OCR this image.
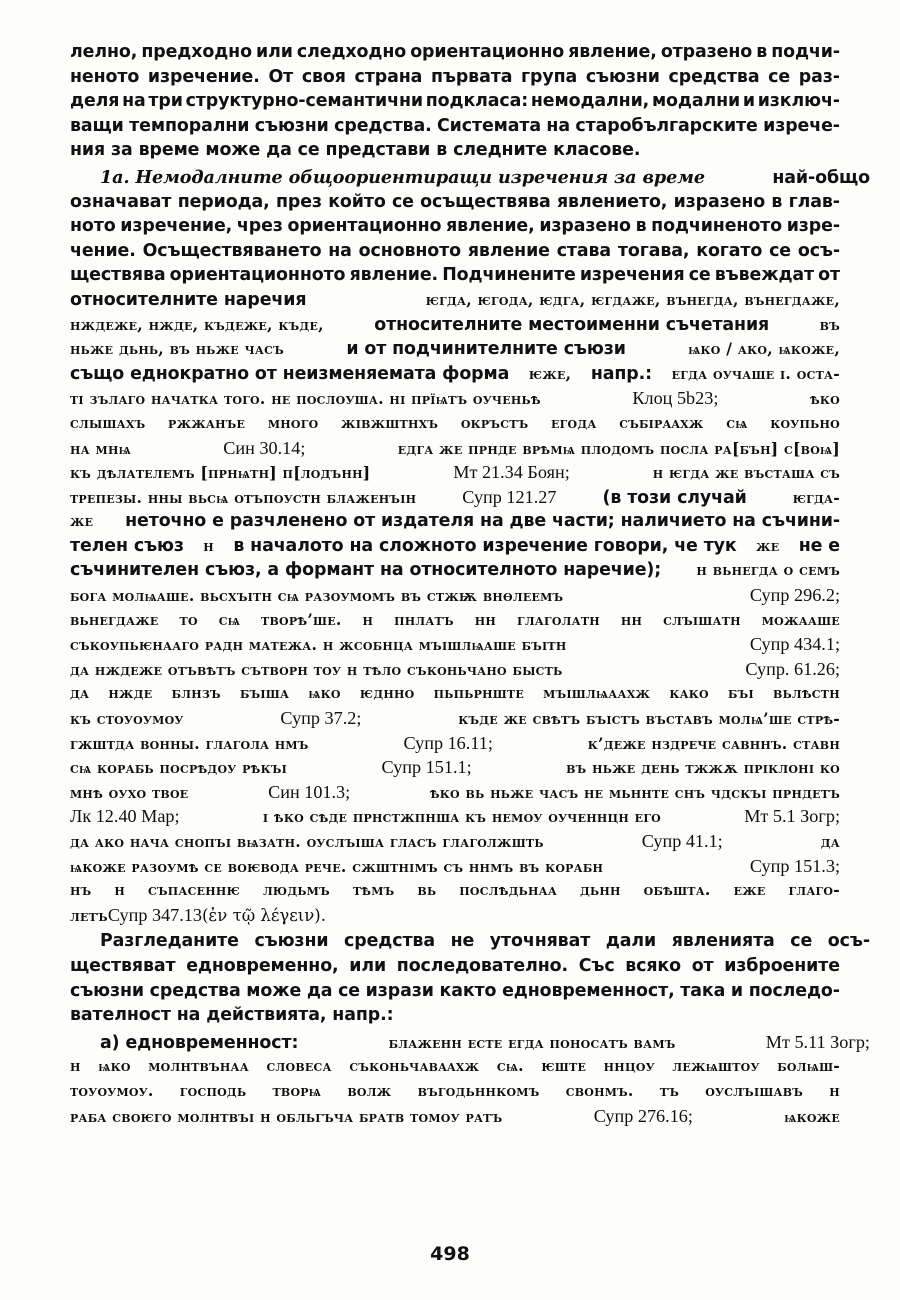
лелно, предходно или следходно ориентационно явление, отразено в подчи-
неното изречение. От своя страна първата група съюзни средства се раз-
деля на три структурно-семантични подкласа: немодални, модални и изключ-
ващи темпорални съюзни средства. Системата на старобългарските изрече-
ния за време може да се представи в следните класове.
1а. Немодалните общоориентиращи изречения за време	най-общо
означават периода, през който се осъществява явлението, изразено в глав-
ното изречение, чрез ориентационно явление, изразено в подчиненото изре-
чение. Осъществяването на основното явление става тогава, когато се осъ-
ществява ориентационното явление. Подчинените изречения се въвеждат от
относителните наречия	ѥгда, ѥгода, ѥдга, ѥгдаже, вънегда, вънегдаже,
нждеже, нжде, къдеже, къде,	относителните местоименни съчетания	въ
ньже дьнь, въ ньже часъ	и от подчинителните съюзи	ѩко / ако, ѩкоже,
също еднократно от неизменяемата форма ѥже, напр.: егда оучаше і. оста-
ті зълаго начатка того. не послоуша. ні прїѩтъ оученьѣ	Клоц 5b23;	ѣко
слышахъ ржжанъе много жівжштнхъ окръстъ егода събірaaхж сѩ коупьно
на мнѩ	Син 30.14;	едга же прнде врѣмѩ плодомъ посла ра[бън] с[воѩ]
къ дѣлателемъ [прнѩтн] п[лодънн]	Мт 21.34 Боян;	н ѥгда же въсташа съ
трепезы. нны вьсѩ отъпоустн блаженъін	Супр 121.27	(в този случай	ѥгда-
же неточно е разчленено от издателя на две части; наличието на съчини-
телен съюз н в началото на сложното изречение говори, че тук же не е
съчинителен съюз, а формант на относителното наречие); н вьнегда о семъ
бога молѩаше. вьсхъітн сѩ разоумомъ въ стжѭ внѳлеемъ	Супр 296.2;
вьнегдаже то сѩ творѣ’ше. н пнлатъ нн глаголатн нн слъішатн можааше
съкоупьѥнааго радн матежа. н жсобнца мъішлѩаше бъітн	Супр 434.1;
да нждеже отъвѣтъ сътворн тоу н тѣло съконьчано бысть	Супр. 61.26;
да нжде блнзъ бъіша ѩко ѥднно пьпьрнште мъішлѩаахж како бъі вьлѣстн
къ стоуоумоу	Супр 37.2;	къде же свѣтъ бъістъ въставъ молѩ’ше стрѣ-
гжштда вонны. глаголa нмъ	Супр 16.11;	к’деже нздрече савннъ. ставн
сѩ корабь посрѣдоу рѣкъі	Супр 151.1;	въ ньже день тжжѫ пріклоні ко
мнѣ оухо твое	Син 101.3;	ѣко вь ньже часъ не мьннте снъ чдскъі прндетъ
Лк 12.40 Мар;	ι ѣко сѣде прнстжпнша къ немоу оученнцн его	Мт 5.1 Зогр;
да ако нача снопъі вѩзатн. оуслъіша гласъ глаголжшть	Супр 41.1;	да
ѩкоже разоумѣ се воѥвода рече. сжштнімъ съ ннмъ въ корабн	Супр 151.3;
нъ н съпасеннѥ людьмъ тѣмъ вь послѣдьнаа дьнн обѣшта. еже глаго-
летъ Супр 347.13 (ἐν τῷ λέγειν).
Разгледаните съюзни средства не уточняват дали явленията се осъ-
ществяват едновременно, или последователно. Със всяко от изброените
съюзни средства може да се изрази както едновременност, така и последо-
вателност на действията, напр.:
а) едновременност:	блаженн есте егда поносатъ вамъ	Мт 5.11 Зогр;
н ѩко молнтвънаа словеса съконьчавaaхж сѩ. ѥште ннцоу лежѩштоу болѩш-
тоуоумоу. господь творѩ волж въгодьннкомъ свонмъ. тъ оуслъішавъ н
раба своѥго молнтвъі н обльгъча братв томоу ратъ	Супр 276.16;	ѩкоже
498
